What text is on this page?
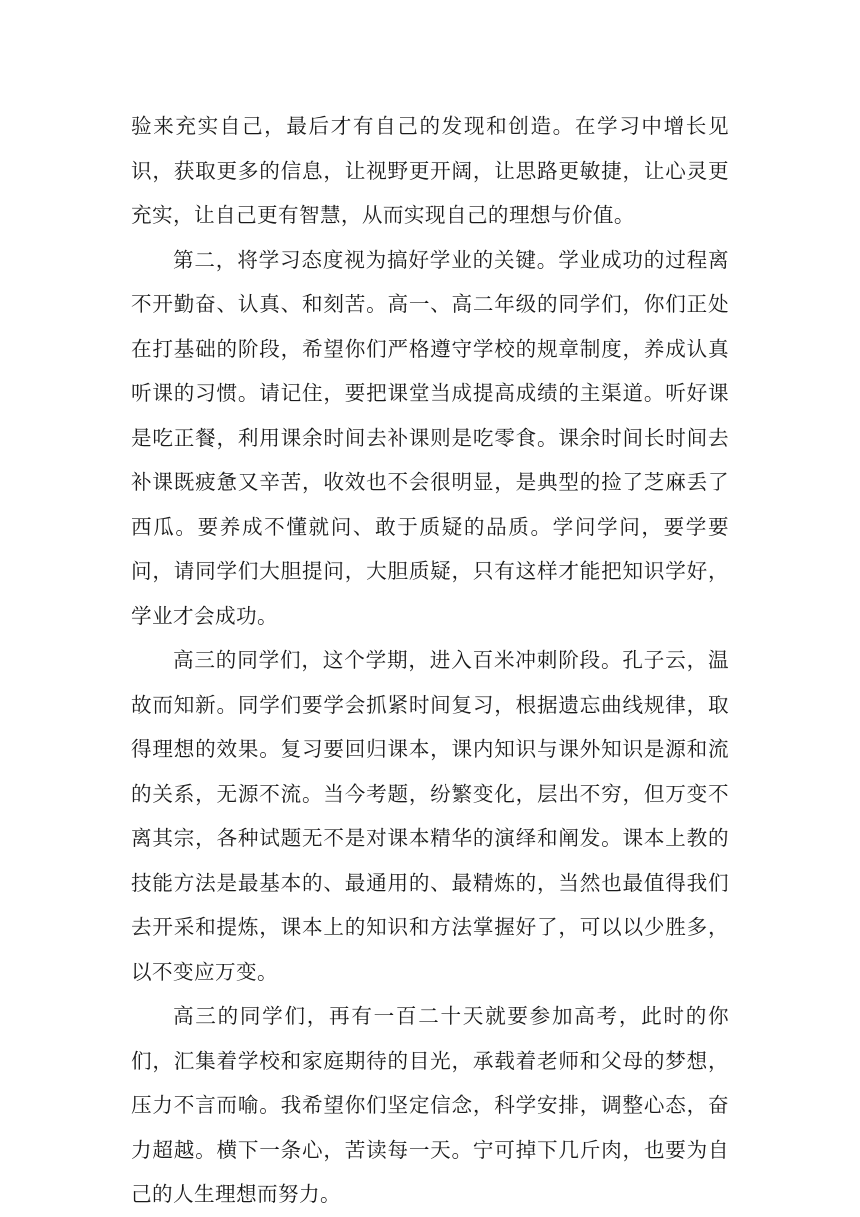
验来充实自己，最后才有自己的发现和创造。在学习中增长见识，获取更多的信息，让视野更开阔，让思路更敏捷，让心灵更充实，让自己更有智慧，从而实现自己的理想与价值。

第二，将学习态度视为搞好学业的关键。学业成功的过程离不开勤奋、认真、和刻苦。高一、高二年级的同学们，你们正处在打基础的阶段，希望你们严格遵守学校的规章制度，养成认真听课的习惯。请记住，要把课堂当成提高成绩的主渠道。听好课是吃正餐，利用课余时间去补课则是吃零食。课余时间长时间去补课既疲惫又辛苦，收效也不会很明显，是典型的捡了芝麻丢了西瓜。要养成不懂就问、敢于质疑的品质。学问学问，要学要问，请同学们大胆提问，大胆质疑，只有这样才能把知识学好，学业才会成功。

高三的同学们，这个学期，进入百米冲刺阶段。孔子云，温故而知新。同学们要学会抓紧时间复习，根据遗忘曲线规律，取得理想的效果。复习要回归课本，课内知识与课外知识是源和流的关系，无源不流。当今考题，纷繁变化，层出不穷，但万变不离其宗，各种试题无不是对课本精华的演绎和阐发。课本上教的技能方法是最基本的、最通用的、最精炼的，当然也最值得我们去开采和提炼，课本上的知识和方法掌握好了，可以以少胜多，以不变应万变。

高三的同学们，再有一百二十天就要参加高考，此时的你们，汇集着学校和家庭期待的目光，承载着老师和父母的梦想，压力不言而喻。我希望你们坚定信念，科学安排，调整心态，奋力超越。横下一条心，苦读每一天。宁可掉下几斤肉，也要为自己的人生理想而努力。
